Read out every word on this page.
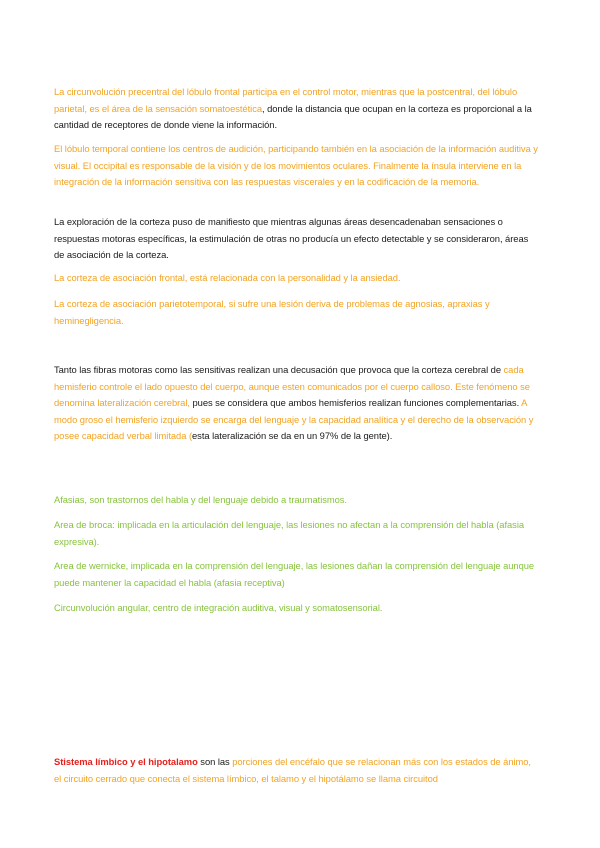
La circunvolución precentral del lóbulo frontal participa en el control motor, mientras que la postcentral, del lóbulo parietal, es el área de la sensación somatoestética, donde la distancia que ocupan en la corteza es proporcional a la cantidad de receptores de donde viene la información.

El lóbulo temporal contiene los centros de audición, participando también en la asociación de la información auditiva y visual. El occipital es responsable de la visión y de los movimientos oculares. Finalmente la ínsula interviene en la integración de la información sensitiva con las respuestas viscerales y en la codificación de la memoria.

La exploración de la corteza puso de manifiesto que mientras algunas áreas desencadenaban sensaciones o respuestas motoras específicas, la estimulación de otras no producía un efecto detectable y se consideraron, áreas de asociación de la corteza.

La corteza de asociación frontal, está relacionada con la personalidad y la ansiedad.

La corteza de asociación parietotemporal, si sufre una lesión deriva de problemas de agnosias, apraxias y heminegligencia.

Tanto las fibras motoras como las sensitivas realizan una decusación que provoca que la corteza cerebral de cada hemisferio controle el lado opuesto del cuerpo, aunque esten comunicados por el cuerpo calloso. Este fenómeno se denomina lateralización cerebral, pues se considera que ambos hemisferios realizan funciones complementarias. A modo groso el hemisferio izquierdo se encarga del lenguaje y la capacidad analítica y el derecho de la observación y posee capacidad verbal limitada (esta lateralización se da en un 97% de la gente).

Afasias, son trastornos del habla y del lenguaje debido a traumatismos.

Area de broca: implicada en la articulación del lenguaje, las lesiones no afectan a la comprensión del habla (afasia expresiva).

Area de wernicke, implicada en la comprensión del lenguaje, las lesiones dañan la comprensión del lenguaje aunque puede mantener la capacidad el habla (afasia receptiva)

Circunvolución angular, centro de integración auditiva, visual y somatosensorial.

Stistema límbico y el hipotalamo son las porciones del encéfalo que se relacionan más con los estados de ánimo, el circuito cerrado que conecta el sistema límbico, el talamo y el hipotálamo se llama circuitod
